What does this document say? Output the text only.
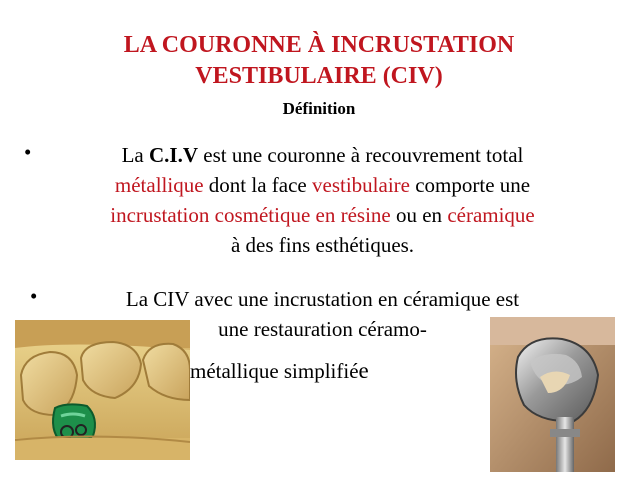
LA COURONNE À INCRUSTATION
VESTIBULAIRE (CIV)
Définition
•	La C.I.V est une couronne à recouvrement total
métallique dont la face vestibulaire comporte une
incrustation cosmétique en résine ou en céramique
à des fins esthétiques.
•	La CIV avec une incrustation en céramique est
une restauration céramo-
métallique simplifiée
